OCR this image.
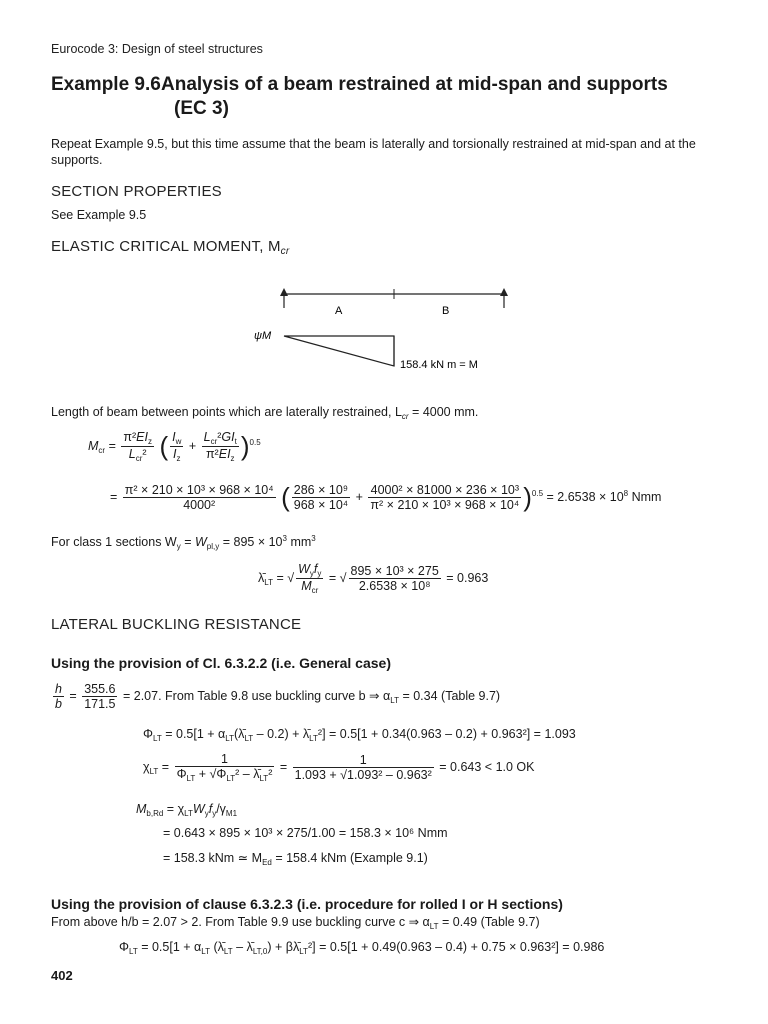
Eurocode 3: Design of steel structures
Example 9.6Analysis of a beam restrained at mid-span and supports
(EC 3)
Repeat Example 9.5, but this time assume that the beam is laterally and torsionally restrained at mid-span and at the supports.
SECTION PROPERTIES
See Example 9.5
ELASTIC CRITICAL MOMENT, $M_{cr}$
A	B
ψM
158.4 kN m = M
Length of beam between points which are laterally restrained, $L_{cr} = 4000$ mm.
$M_{cr} = \frac{\pi^2EI_z}{L_{cr}^2}$ ( $\frac{I_w}{I_z} + \frac{L_{cr}^2GI_t}{\pi^2EI_z} )^{0.5}$
= $\frac{\text{π² × 210 × 10³ × 968 × 10⁴}}{\text{4000²}}$ ( $\frac{\text{286 × 10⁹}}{\text{968 × 10⁴}} + \frac{\text{4000² × 81000 × 236 × 10³}}{\text{π² × 210 × 10³ × 968 × 10⁴}} )^{0.5} = 2.6538 \times 10^8$ Nmm
For class 1 sections $W_y = W_{pl,y} = 895 \times 10^3$ $mm^3$
$\lambdā_{LT}$ = √ $\frac{W_yf_y}{M_{cr}}$ = √ $\frac{\text{895 × 10³ × 275}}{\text{2.6538 × 10⁸}} = 0.963$
LATERAL BUCKLING RESISTANCE
Using the provision of Cl. 6.3.2.2 (i.e. General case)
$\frac{h}{b} = \frac{355.6}{171.5} = 2.07$. From Table 9.8 use buckling curve b ⇒ $\alpha_{LT} = 0.34$ (Table 9.7)
$\Phi_{LT} = 0.5[1$ + $\alpha_{LT}(\lambdā_{LT} - 0.2)$ + $\lambdā_{LT}^2] = 0.5[1 + 0.34(0.963 - 0.2) + 0.963^2] = 1.093$
$\chi_{LT} = \frac{1}{\Phi_{LT} + √\Phi_{LT}^2 - \lambdā_{LT}^2} = \frac{1}{\text{1.093 + √1.093² – 0.963²}} = 0.643 < 1.0$ OK
$M_{b,Rd} = \chi_{LT}W_yf_y/\gamma_{M1}$
= 0.643 × 895 × 10³ × 275/1.00 = 158.3 × 10⁶ Nmm
= 158.3 kNm ≃ $M_{Ed} = 158.4$ kNm (Example 9.1)
Using the provision of clause 6.3.2.3 (i.e. procedure for rolled I or H sections)
From above h/b = 2.07 > 2. From Table 9.9 use buckling curve c ⇒ $\alpha_{LT} = 0.49$ (Table 9.7)
$\Phi_{LT} = 0.5[1 + \alpha_{LT}$ ($\lambdā_{LT}$ – $\lambdā_{LT,0}$) + $\beta\lambdā_{LT}^2] = 0.5[1 + 0.49(0.963 - 0.4) + 0.75 \times 0.963^2] = 0.986$
402
